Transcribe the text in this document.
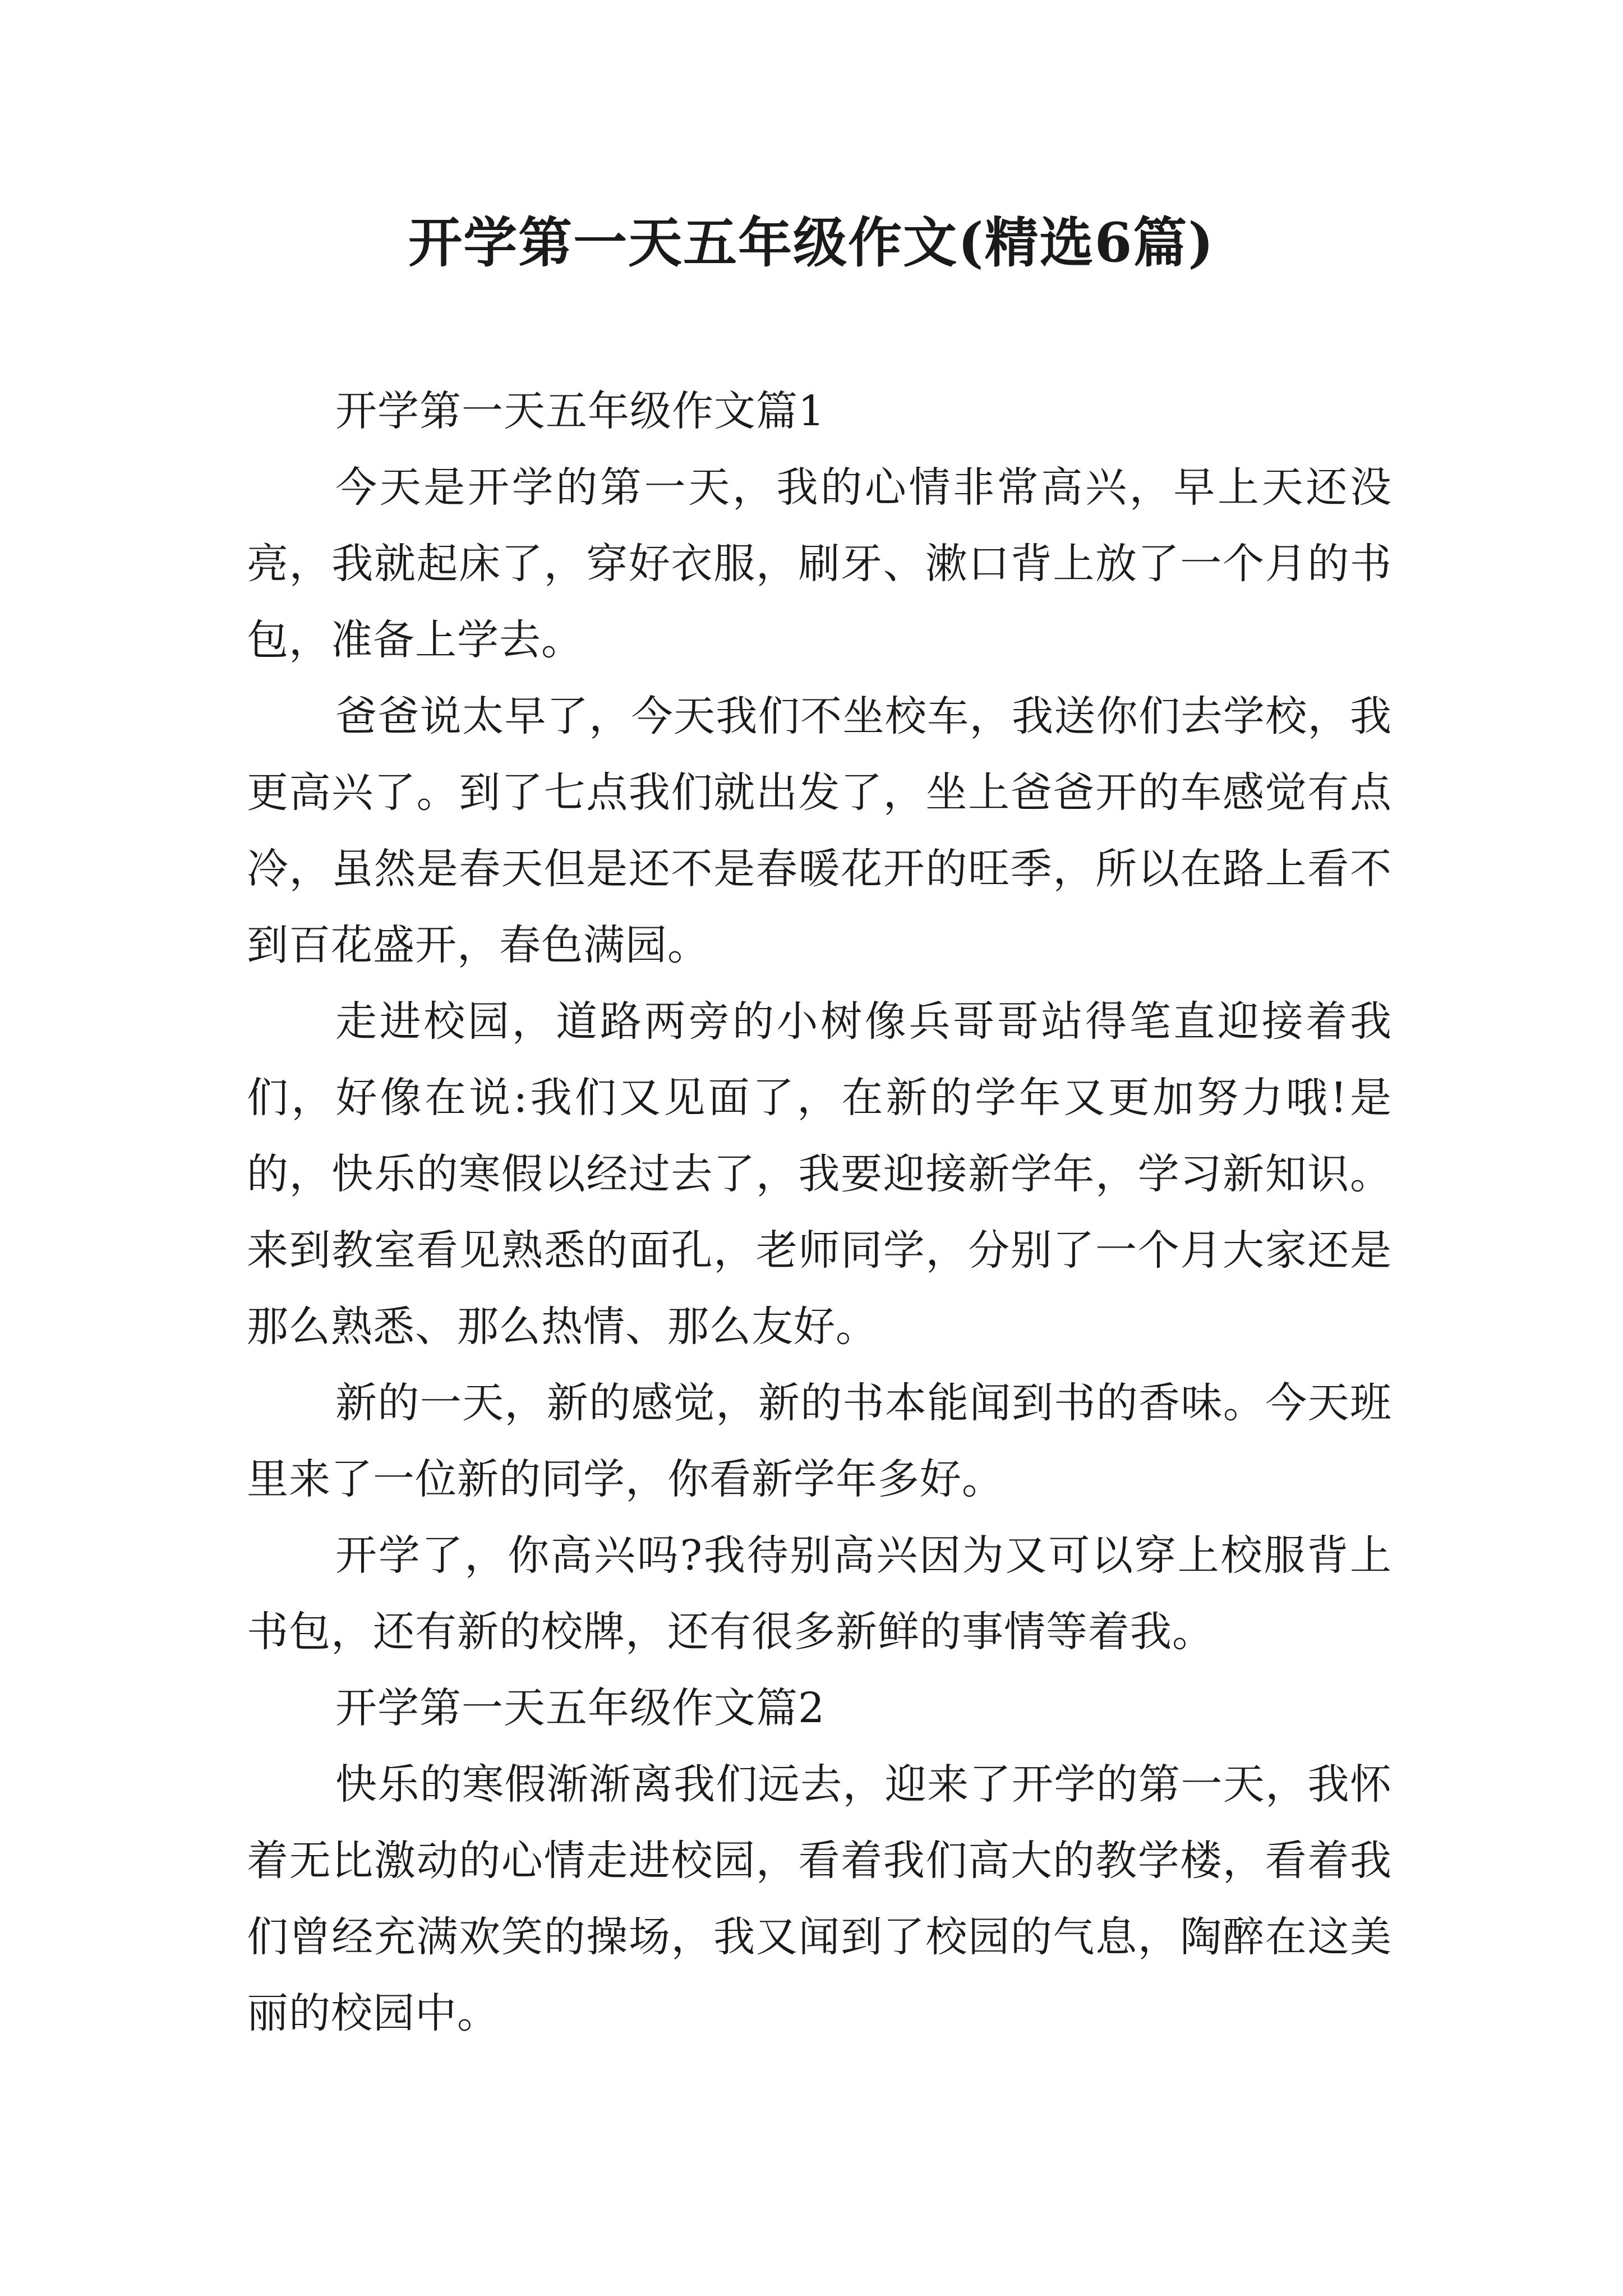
开学第一天五年级作文(精选6篇)

开学第一天五年级作文篇1

今天是开学的第一天，我的心情非常高兴，早上天还没亮，我就起床了，穿好衣服，刷牙、漱口背上放了一个月的书包，准备上学去。

爸爸说太早了，今天我们不坐校车，我送你们去学校，我更高兴了。到了七点我们就出发了，坐上爸爸开的车感觉有点冷，虽然是春天但是还不是春暖花开的旺季，所以在路上看不到百花盛开，春色满园。

走进校园，道路两旁的小树像兵哥哥站得笔直迎接着我们，好像在说:我们又见面了，在新的学年又更加努力哦!是的，快乐的寒假以经过去了，我要迎接新学年，学习新知识。来到教室看见熟悉的面孔，老师同学，分别了一个月大家还是那么熟悉、那么热情、那么友好。

新的一天，新的感觉，新的书本能闻到书的香味。今天班里来了一位新的同学，你看新学年多好。

开学了，你高兴吗?我待别高兴因为又可以穿上校服背上书包，还有新的校牌，还有很多新鲜的事情等着我。

开学第一天五年级作文篇2

快乐的寒假渐渐离我们远去，迎来了开学的第一天，我怀着无比激动的心情走进校园，看着我们高大的教学楼，看着我们曾经充满欢笑的操场，我又闻到了校园的气息，陶醉在这美丽的校园中。
